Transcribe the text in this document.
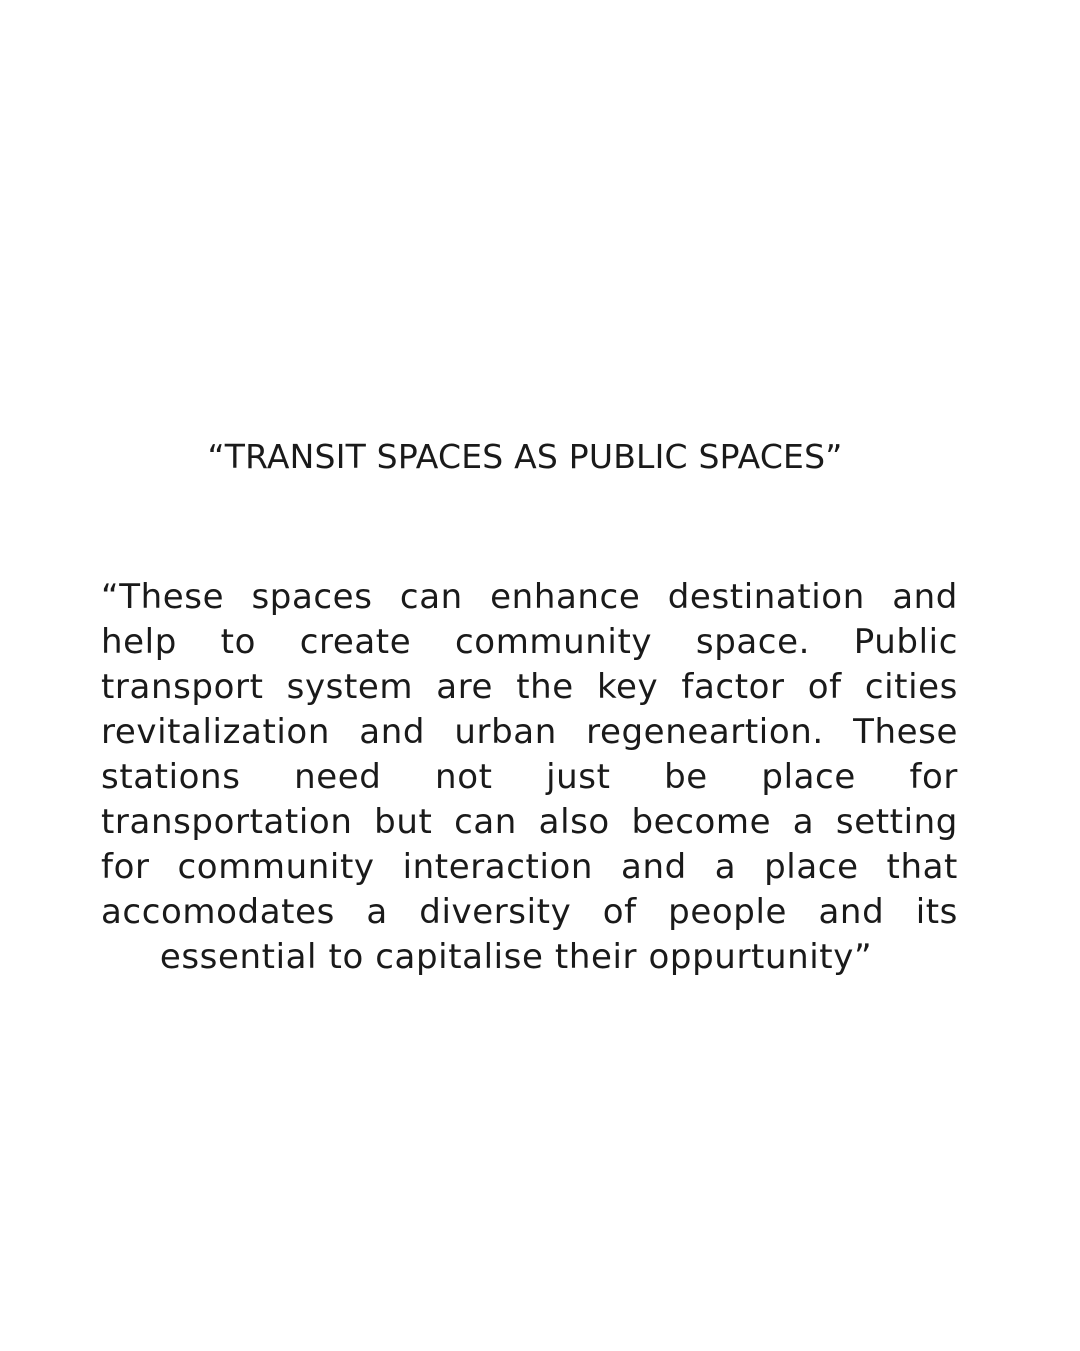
“TRANSIT SPACES AS PUBLIC SPACES”
“These spaces can enhance destination and
help to create community space. Public
transport system are the key factor of cities
revitalization and urban regeneartion. These
stations need not just be place for
transportation but can also become a setting
for community interaction and a place that
accomodates a diversity of people and its
essential to capitalise their oppurtunity”
